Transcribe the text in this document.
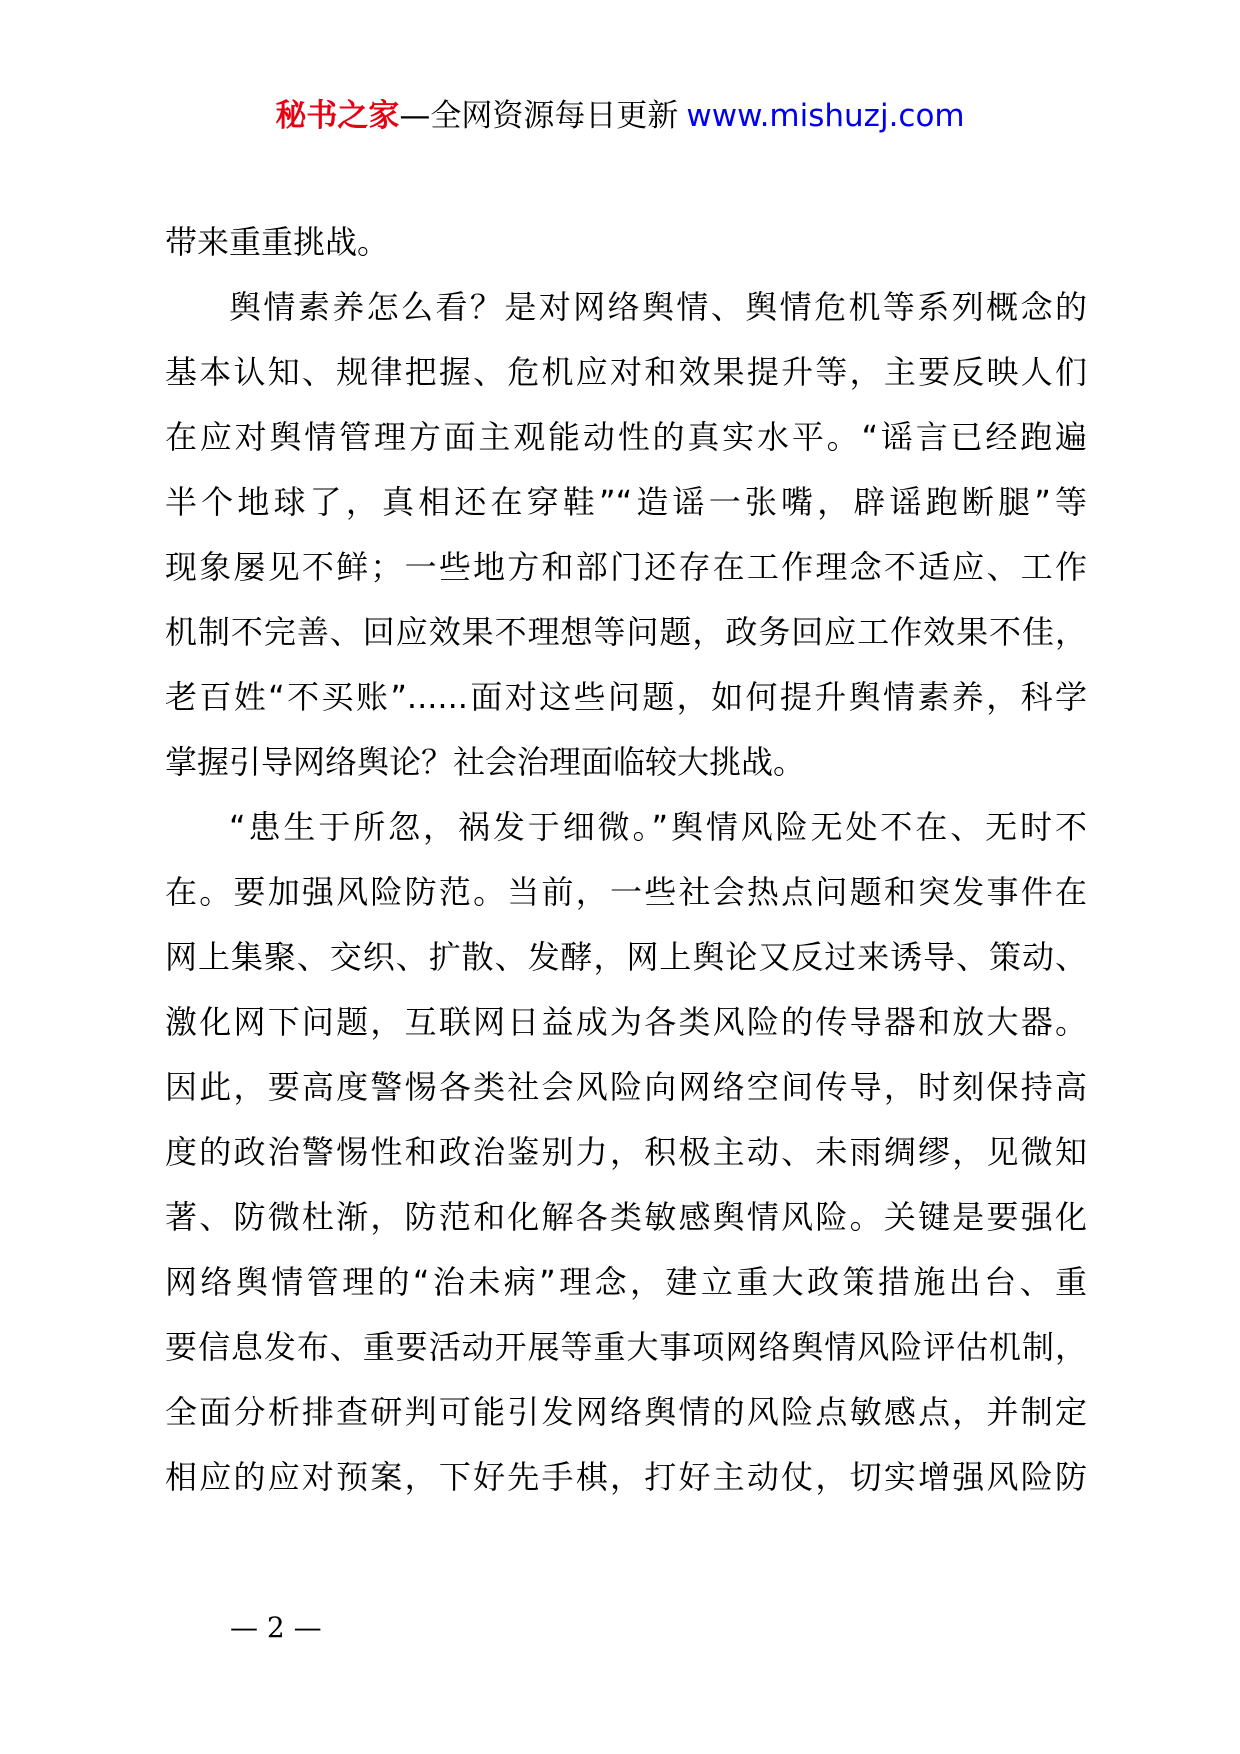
秘书之家—全网资源每日更新 www.mishuzj.com
带来重重挑战。
舆情素养怎么看？是对网络舆情、舆情危机等系列概念的
基本认知、规律把握、危机应对和效果提升等，主要反映人们
在应对舆情管理方面主观能动性的真实水平。“谣言已经跑遍
半个地球了，真相还在穿鞋”“造谣一张嘴，辟谣跑断腿”等
现象屡见不鲜；一些地方和部门还存在工作理念不适应、工作
机制不完善、回应效果不理想等问题，政务回应工作效果不佳，
老百姓“不买账”......面对这些问题，如何提升舆情素养，科学
掌握引导网络舆论？社会治理面临较大挑战。
“患生于所忽，祸发于细微。”舆情风险无处不在、无时不
在。要加强风险防范。当前，一些社会热点问题和突发事件在
网上集聚、交织、扩散、发酵，网上舆论又反过来诱导、策动、
激化网下问题，互联网日益成为各类风险的传导器和放大器。
因此，要高度警惕各类社会风险向网络空间传导，时刻保持高
度的政治警惕性和政治鉴别力，积极主动、未雨绸缪，见微知
著、防微杜渐，防范和化解各类敏感舆情风险。关键是要强化
网络舆情管理的“治未病”理念，建立重大政策措施出台、重
要信息发布、重要活动开展等重大事项网络舆情风险评估机制，
全面分析排查研判可能引发网络舆情的风险点敏感点，并制定
相应的应对预案，下好先手棋，打好主动仗，切实增强风险防
— 2 —
